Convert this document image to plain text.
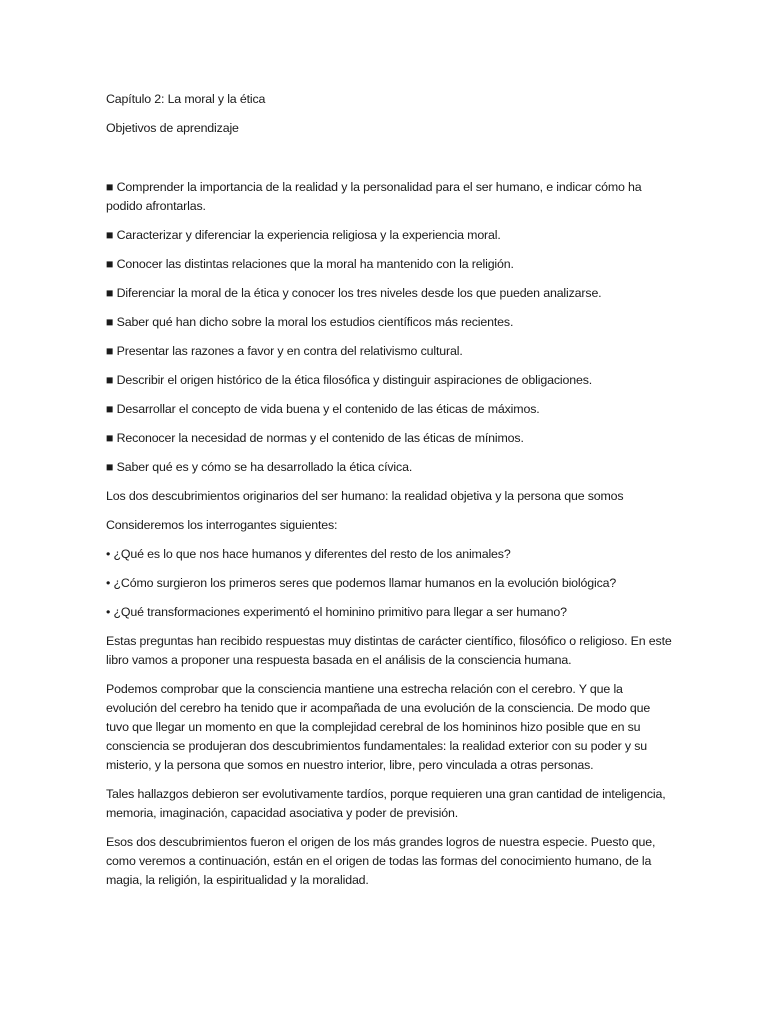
Capítulo 2: La moral y la ética

Objetivos de aprendizaje

■ Comprender la importancia de la realidad y la personalidad para el ser humano, e indicar cómo ha podido afrontarlas.

■ Caracterizar y diferenciar la experiencia religiosa y la experiencia moral.

■ Conocer las distintas relaciones que la moral ha mantenido con la religión.

■ Diferenciar la moral de la ética y conocer los tres niveles desde los que pueden analizarse.

■ Saber qué han dicho sobre la moral los estudios científicos más recientes.

■ Presentar las razones a favor y en contra del relativismo cultural.

■ Describir el origen histórico de la ética filosófica y distinguir aspiraciones de obligaciones.

■ Desarrollar el concepto de vida buena y el contenido de las éticas de máximos.

■ Reconocer la necesidad de normas y el contenido de las éticas de mínimos.

■ Saber qué es y cómo se ha desarrollado la ética cívica.

Los dos descubrimientos originarios del ser humano: la realidad objetiva y la persona que somos

Consideremos los interrogantes siguientes:

• ¿Qué es lo que nos hace humanos y diferentes del resto de los animales?

• ¿Cómo surgieron los primeros seres que podemos llamar humanos en la evolución biológica?

• ¿Qué transformaciones experimentó el hominino primitivo para llegar a ser humano?

Estas preguntas han recibido respuestas muy distintas de carácter científico, filosófico o religioso. En este libro vamos a proponer una respuesta basada en el análisis de la consciencia humana.

Podemos comprobar que la consciencia mantiene una estrecha relación con el cerebro. Y que la evolución del cerebro ha tenido que ir acompañada de una evolución de la consciencia. De modo que tuvo que llegar un momento en que la complejidad cerebral de los homininos hizo posible que en su consciencia se produjeran dos descubrimientos fundamentales: la realidad exterior con su poder y su misterio, y la persona que somos en nuestro interior, libre, pero vinculada a otras personas.

Tales hallazgos debieron ser evolutivamente tardíos, porque requieren una gran cantidad de inteligencia, memoria, imaginación, capacidad asociativa y poder de previsión.

Esos dos descubrimientos fueron el origen de los más grandes logros de nuestra especie. Puesto que, como veremos a continuación, están en el origen de todas las formas del conocimiento humano, de la magia, la religión, la espiritualidad y la moralidad.
